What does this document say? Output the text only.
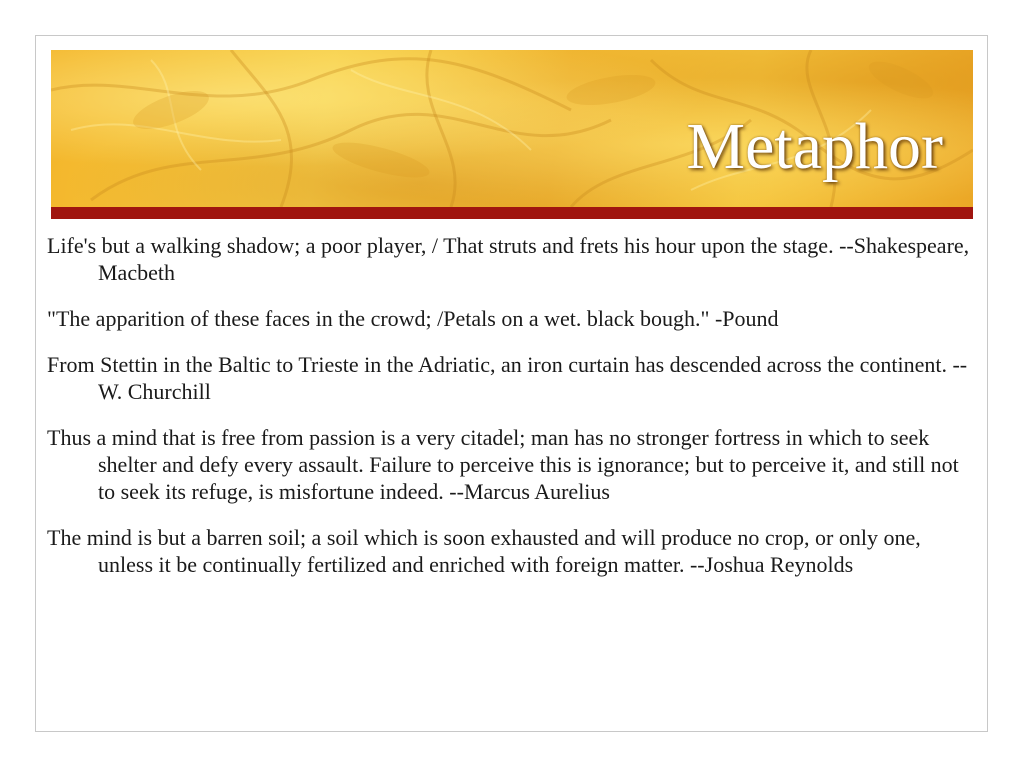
Metaphor
Life's but a walking shadow; a poor player, / That struts and frets his hour upon the stage. --Shakespeare, Macbeth
"The apparition of these faces in the crowd; /Petals on a wet. black bough." -Pound
From Stettin in the Baltic to Trieste in the Adriatic, an iron curtain has descended across the continent. --W. Churchill
Thus a mind that is free from passion is a very citadel; man has no stronger fortress in which to seek shelter and defy every assault. Failure to perceive this is ignorance; but to perceive it, and still not to seek its refuge, is misfortune indeed. --Marcus Aurelius
The mind is but a barren soil; a soil which is soon exhausted and will produce no crop, or only one, unless it be continually fertilized and enriched with foreign matter. --Joshua Reynolds
